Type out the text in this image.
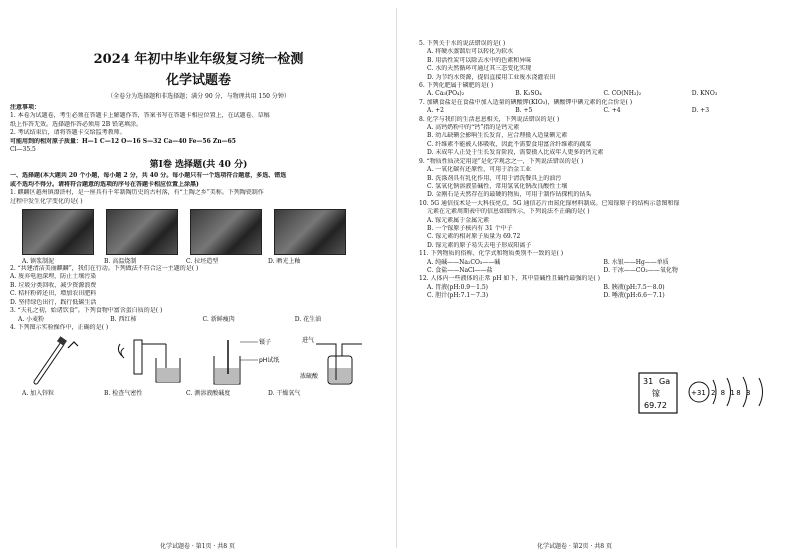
2024 年初中毕业年级复习统一检测
化学试题卷
（全卷分为选择题和非选择题；满分 90 分，与物理共用 150 分钟）
注意事项：
1. 本卷为试题卷，考生必须在答题卡上解题作答，答案书写在答题卡相应位置上，在试题卷、草稿
纸上作答无效。选择题作答必须用 2B 铅笔填涂。
2. 考试结束后，请将答题卡交给监考教师。
可能用到的相对原子质量：H—1 C—12 O—16 S—32 Ca—40 Fe—56 Zn—65
Cl—35.5
第Ⅰ卷 选择题(共 40 分)
一、选择题(本大题共 20 个小题，每小题 2 分，共 40 分。每小题只有一个选项符合题意，多选、错选
或不选均不得分。请将符合题意的选项的序号在答题卡相应位置上涂黑)
1. 麒麟区越州镇潦浒村，是一座具有千年制陶历史的古村落，有“土陶之乡”美称。下列陶瓷制作
过程中发生化学变化的是( )
A. 镇浆制泥	B. 高温烧制	C. 拉坯造型	D. 晒光上釉
2. “共建清洁美丽麒麟”，我们在行动。下列做法不符合这一主题的是( )
A. 废弃电池深埋，防止土壤污染
B. 垃圾分类回收，减少资源浪费
C. 秸秆粉碎还田，增加农田肥料
D. 坚持绿色出行，践行低碳生活
3. “夫礼之初，始诸饮食”。下列食物中富含蛋白质的是( )
A. 小麦粉	B. 西红柿	C. 新鲜瘦肉	D. 花生油
4. 下列图示实验操作中，正确的是( )
镊子
pH试纸
进气
浓硫酸
A. 加入锌粒	B. 检查气密性	C. 测溶液酸碱度	D. 干燥氧气
化学试题卷 · 第1页 · 共8 页
5. 下列关于水的说法错误的是( )
A. 将硬水蒸馏后可以转化为软水
B. 用活性炭可以除去水中的色素和异味
C. 水的天然循环可通过其三态变化实现
D. 为节约水资源，提倡直接用工业废水浇灌农田
6. 下列化肥属于磷肥的是( )
A. Ca₃(PO₄)₂	B. K₂SO₄	C. CO(NH₂)₂	D. KNO₃
7. 加碘食盐是在食盐中加入适量的碘酸钾(KIO₃)，碘酸钾中碘元素的化合价是( )
A. +2	B. +5	C. +4	D. +3
8. 化学与我们的生活息息相关，下列说法错误的是( )
A. 高钙奶粉中的“钙”指的是钙元素
B. 幼儿缺碘会影响生长发育，应合理摄入适量碘元素
C. 纤维素不能被人体吸收，因此不需要食用富含纤维素的蔬菜
D. 未成年人正处于生长发育阶段，需要摄入比成年人更多的钙元素
9. “物质性质决定用途”是化学观念之一，下列说法错误的是( )
A. 一氧化碳有还原性，可用于冶金工业
B. 洗涤剂具有乳化作用，可用于清洗餐具上的油污
C. 氢氧化钠溶液显碱性，常用氢氧化钠改良酸性土壤
D. 金刚石是天然存在的最硬的物质，可用于制作钻探机的钻头
10. 5G 通信技术是一大科技亮点，5G 通信芯片由氮化镓材料制成。已知镓原子的结构示意图和镓
元素在元素周期表中的信息如图所示，下列说法不正确的是( )
A. 镓元素属于金属元素
B. 一个镓原子核内有 31 个中子
C. 镓元素的相对原子质量为 69.72
D. 镓元素的原子易失去电子形成阳离子
11. 下列物质的俗称、化学式和物质类别不一致的是( )
A. 纯碱——Na₂CO₃——碱	B. 水银——Hg——单质
C. 食盐——NaCl——盐	D. 干冰——CO₂——氧化物
12. 人体内一些液体的正常 pH 如下，其中显碱性且碱性最强的是( )
A. 胃液(pH:0.9～1.5)	B. 胰液(pH:7.5～8.0)
C. 胆汁(pH:7.1～7.3)	D. 唾液(pH:6.6～7.1)
31 Ga
镓
69.72
+31 2 8 18 3
化学试题卷 · 第2页 · 共8 页
